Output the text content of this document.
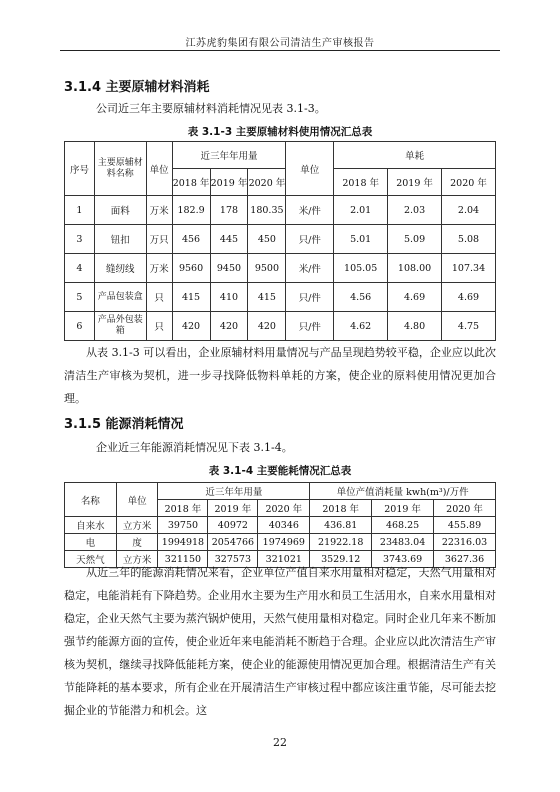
江苏虎豹集团有限公司清洁生产审核报告
3.1.4 主要原辅材料消耗
公司近三年主要原辅材料消耗情况见表 3.1-3。
表 3.1-3 主要原辅材料使用情况汇总表
序号	主要原辅材料名称	单位	近三年年用量			单位	单耗		
			2018 年	2019 年	2020 年		2018 年	2019 年	2020 年
1	面料	万米	182.9	178	180.35	米/件	2.01	2.03	2.04
3	钮扣	万只	456	445	450	只/件	5.01	5.09	5.08
4	缝纫线	万米	9560	9450	9500	米/件	105.05	108.00	107.34
5	产品包装盒	只	415	410	415	只/件	4.56	4.69	4.69
6	产品外包装箱	只	420	420	420	只/件	4.62	4.80	4.75
从表 3.1-3 可以看出，企业原辅材料用量情况与产品呈现趋势较平稳，企业应以此次清洁生产审核为契机，进一步寻找降低物料单耗的方案，使企业的原料使用情况更加合理。
3.1.5 能源消耗情况
企业近三年能源消耗情况见下表 3.1-4。
表 3.1-4 主要能耗情况汇总表
名称	单位	近三年年用量			单位产值消耗量 kwh(m³)/万件		
		2018 年	2019 年	2020 年	2018 年	2019 年	2020 年
自来水	立方米	39750	40972	40346	436.81	468.25	455.89
电	度	1994918	2054766	1974969	21922.18	23483.04	22316.03
天然气	立方米	321150	327573	321021	3529.12	3743.69	3627.36
从近三年的能源消耗情况来看，企业单位产值自来水用量相对稳定，天然气用量相对稳定，电能消耗有下降趋势。企业用水主要为生产用水和员工生活用水，自来水用量相对稳定，企业天然气主要为蒸汽锅炉使用，天然气使用量相对稳定。同时企业几年来不断加强节约能源方面的宣传，使企业近年来电能消耗不断趋于合理。企业应以此次清洁生产审核为契机，继续寻找降低能耗方案，使企业的能源使用情况更加合理。根据清洁生产有关节能降耗的基本要求，所有企业在开展清洁生产审核过程中都应该注重节能，尽可能去挖掘企业的节能潜力和机会。这
22
